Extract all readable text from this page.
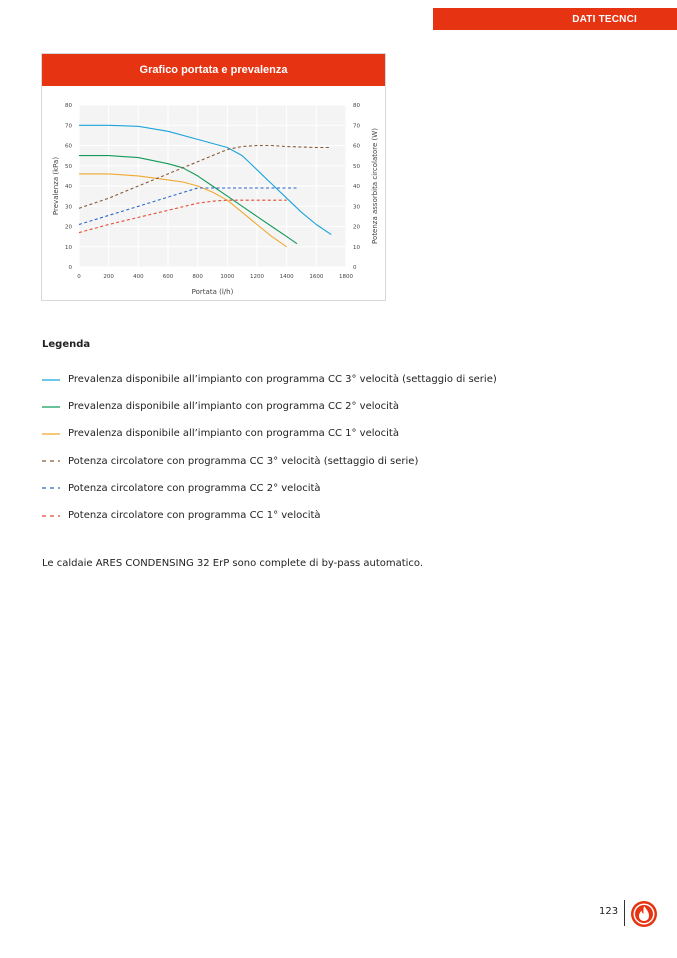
DATI TECNCI
Grafico portata e prevalenza
0
10
20
30
40
50
60
70
80
0
10
20
30
40
50
60
70
80
0	200	400	600	800	1000	1200	1400	1600	1800
Portata (l/h)
Prevalenza (kPa)	Potenza assorbita circolatore (W)
Legenda
Prevalenza disponibile all’impianto con programma CC 3° velocità (settaggio di serie)
Prevalenza disponibile all’impianto con programma CC 2° velocità
Prevalenza disponibile all’impianto con programma CC 1° velocità
Potenza circolatore con programma CC 3° velocità (settaggio di serie)
Potenza circolatore con programma CC 2° velocità
Potenza circolatore con programma CC 1° velocità
Le caldaie ARES CONDENSING 32 ErP sono complete di by-pass automatico.
123
